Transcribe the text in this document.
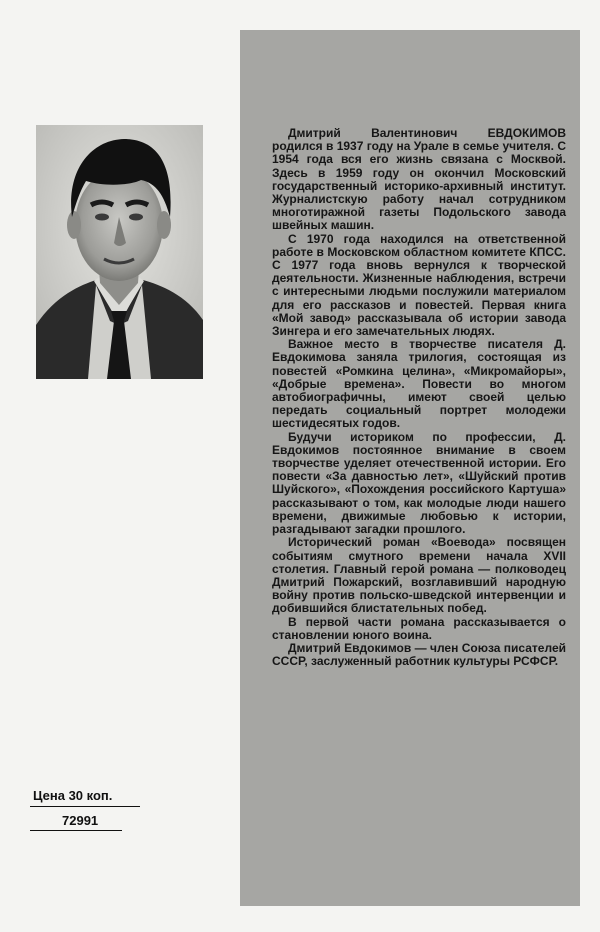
Цена 30 коп.
72991

Дмитрий Валентинович ЕВДОКИМОВ родился в 1937 году на Урале в семье учителя. С 1954 года вся его жизнь связана с Москвой. Здесь в 1959 году он окончил Московский государственный историко-архивный институт. Журналистскую работу начал сотрудником многотиражной газеты Подольского завода швейных машин.

С 1970 года находился на ответственной работе в Московском областном комитете КПСС. С 1977 года вновь вернулся к творческой деятельности. Жизненные наблюдения, встречи с интересными людьми послужили материалом для его рассказов и повестей. Первая книга «Мой завод» рассказывала об истории завода Зингера и его замечательных людях.

Важное место в творчестве писателя Д. Евдокимова заняла трилогия, состоящая из повестей «Ромкина целина», «Микромайоры», «Добрые времена». Повести во многом автобиографичны, имеют своей целью передать социальный портрет молодежи шестидесятых годов.

Будучи историком по профессии, Д. Евдокимов постоянное внимание в своем творчестве уделяет отечественной истории. Его повести «За давностью лет», «Шуйский против Шуйского», «Похождения российского Картуша» рассказывают о том, как молодые люди нашего времени, движимые любовью к истории, разгадывают загадки прошлого.

Исторический роман «Воевода» посвящен событиям смутного времени начала XVII столетия. Главный герой романа — полководец Дмитрий Пожарский, возглавивший народную войну против польско-шведской интервенции и добившийся блистательных побед.

В первой части романа рассказывается о становлении юного воина.

Дмитрий Евдокимов — член Союза писателей СССР, заслуженный работник культуры РСФСР.
